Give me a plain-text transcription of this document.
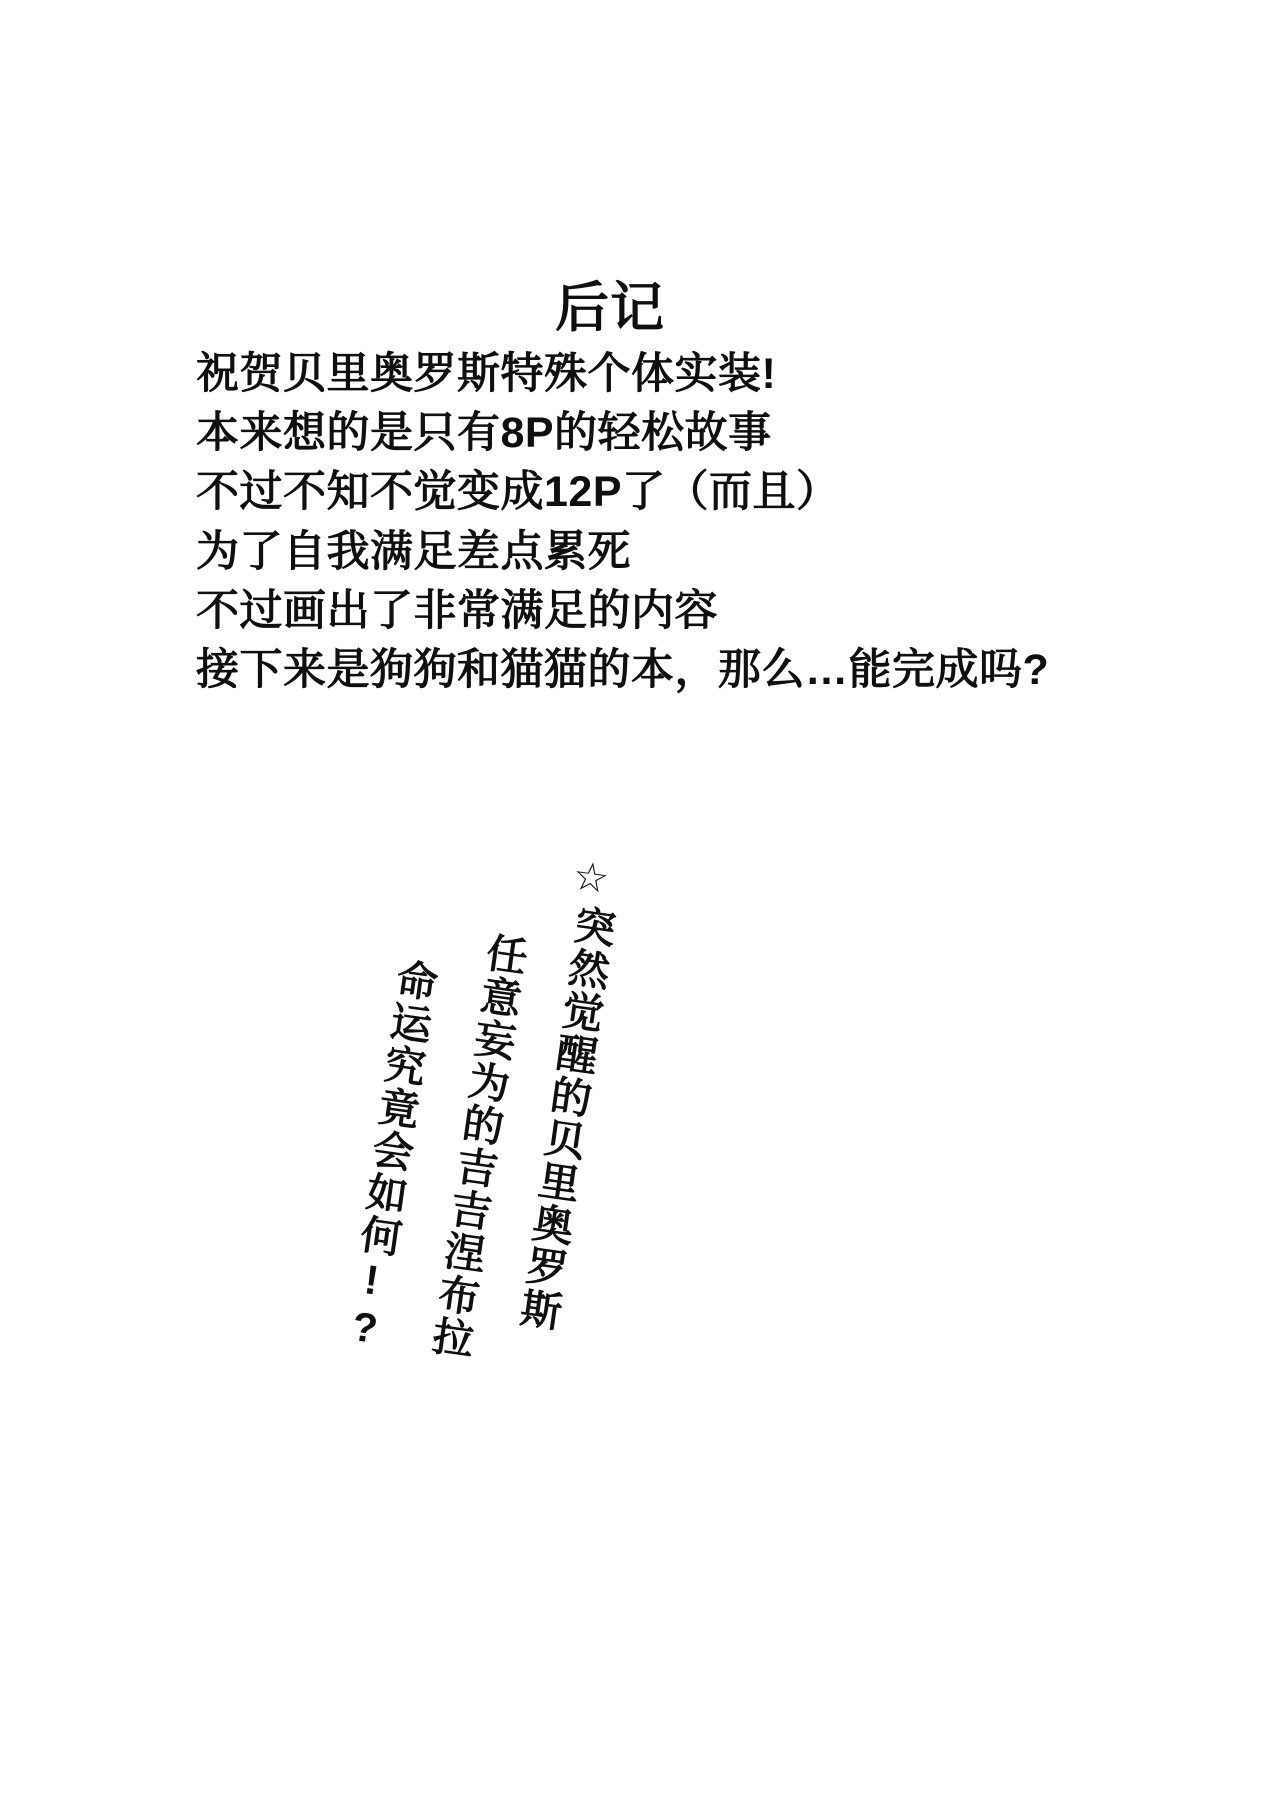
后记
祝贺贝里奥罗斯特殊个体实装!
本来想的是只有8P的轻松故事
不过不知不觉变成12P了（而且）
为了自我满足差点累死
不过画出了非常满足的内容
接下来是狗狗和猫猫的本，那么…能完成吗?
☆
突然觉醒的贝里奥罗斯
任意妄为的吉吉涅布拉
命运究竟会如何!?
